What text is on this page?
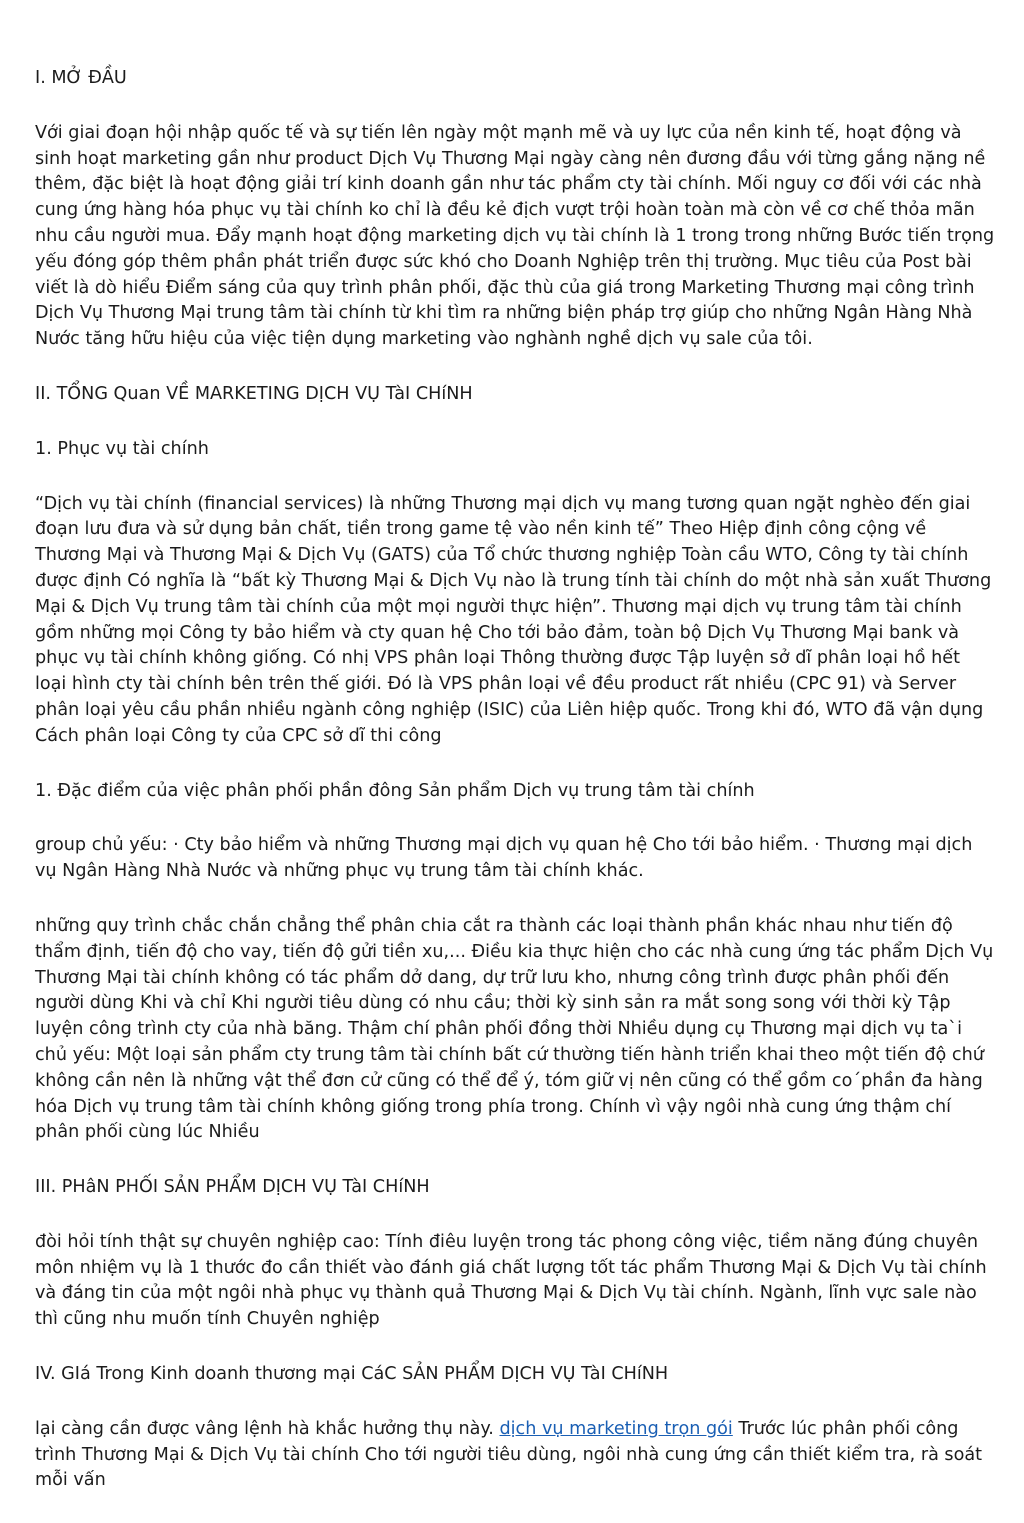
I. MỞ ĐẦU

Với giai đoạn hội nhập quốc tế và sự tiến lên ngày một mạnh mẽ và uy lực của nền kinh tế, hoạt động và sinh hoạt marketing gần như product Dịch Vụ Thương Mại ngày càng nên đương đầu với từng gắng nặng nề thêm, đặc biệt là hoạt động giải trí kinh doanh gần như tác phẩm cty tài chính. Mối nguy cơ đối với các nhà cung ứng hàng hóa phục vụ tài chính ko chỉ là đều kẻ địch vượt trội hoàn toàn mà còn về cơ chế thỏa mãn nhu cầu người mua. Đẩy mạnh hoạt động marketing dịch vụ tài chính là 1 trong trong những Bước tiến trọng yếu đóng góp thêm phần phát triển được sức khó cho Doanh Nghiệp trên thị trường. Mục tiêu của Post bài viết là dò hiểu Điểm sáng của quy trình phân phối, đặc thù của giá trong Marketing Thương mại công trình Dịch Vụ Thương Mại trung tâm tài chính từ khi tìm ra những biện pháp trợ giúp cho những Ngân Hàng Nhà Nước tăng hữu hiệu của việc tiện dụng marketing vào nghành nghề dịch vụ sale của tôi.

II. TỔNG Quan VỀ MARKETING DỊCH VỤ TàI CHíNH

1. Phục vụ tài chính

“Dịch vụ tài chính (financial services) là những Thương mại dịch vụ mang tương quan ngặt nghèo đến giai đoạn lưu đưa và sử dụng bản chất, tiền trong game tệ vào nền kinh tế” Theo Hiệp định công cộng về Thương Mại và Thương Mại & Dịch Vụ (GATS) của Tổ chức thương nghiệp Toàn cầu WTO, Công ty tài chính được định Có nghĩa là “bất kỳ Thương Mại & Dịch Vụ nào là trung tính tài chính do một nhà sản xuất Thương Mại & Dịch Vụ trung tâm tài chính của một mọi người thực hiện”. Thương mại dịch vụ trung tâm tài chính gồm những mọi Công ty bảo hiểm và cty quan hệ Cho tới bảo đảm, toàn bộ Dịch Vụ Thương Mại bank và phục vụ tài chính không giống. Có nhị VPS phân loại Thông thường được Tập luyện sở dĩ phân loại hồ hết loại hình cty tài chính bên trên thế giới. Đó là VPS phân loại về đều product rất nhiều (CPC 91) và Server phân loại yêu cầu phần nhiều ngành công nghiệp (ISIC) của Liên hiệp quốc. Trong khi đó, WTO đã vận dụng Cách phân loại Công ty của CPC sở dĩ thi công

1. Đặc điểm của việc phân phối phần đông Sản phẩm Dịch vụ trung tâm tài chính

group chủ yếu: · Cty bảo hiểm và những Thương mại dịch vụ quan hệ Cho tới bảo hiểm. · Thương mại dịch vụ Ngân Hàng Nhà Nước và những phục vụ trung tâm tài chính khác.

những quy trình chắc chắn chẳng thể phân chia cắt ra thành các loại thành phần khác nhau như tiến độ thẩm định, tiến độ cho vay, tiến độ gửi tiền xu,... Điều kia thực hiện cho các nhà cung ứng tác phẩm Dịch Vụ Thương Mại tài chính không có tác phẩm dở dang, dự trữ lưu kho, nhưng công trình được phân phối đến người dùng Khi và chỉ Khi người tiêu dùng có nhu cầu; thời kỳ sinh sản ra mắt song song với thời kỳ Tập luyện công trình cty của nhà băng. Thậm chí phân phối đồng thời Nhiều dụng cụ Thương mại dịch vụ ta`i chủ yếu: Một loại sản phẩm cty trung tâm tài chính bất cứ thường tiến hành triển khai theo một tiến độ chứ không cần nên là những vật thể đơn cử cũng có thể để ý, tóm giữ vị nên cũng có thể gồm co´phần đa hàng hóa Dịch vụ trung tâm tài chính không giống trong phía trong. Chính vì vậy ngôi nhà cung ứng thậm chí phân phối cùng lúc Nhiều

III. PHâN PHỐI SẢN PHẨM DỊCH VỤ TàI CHíNH

đòi hỏi tính thật sự chuyên nghiệp cao: Tính điêu luyện trong tác phong công việc, tiềm năng đúng chuyên môn nhiệm vụ là 1 thước đo cần thiết vào đánh giá chất lượng tốt tác phẩm Thương Mại & Dịch Vụ tài chính và đáng tin của một ngôi nhà phục vụ thành quả Thương Mại & Dịch Vụ tài chính. Ngành, lĩnh vực sale nào thì cũng nhu muốn tính Chuyên nghiệp

IV. GIá Trong Kinh doanh thương mại CáC SẢN PHẨM DỊCH VỤ TàI CHíNH

lại càng cần được vâng lệnh hà khắc hưởng thụ này. dịch vụ marketing trọn gói Trước lúc phân phối công trình Thương Mại & Dịch Vụ tài chính Cho tới người tiêu dùng, ngôi nhà cung ứng cần thiết kiểm tra, rà soát mỗi vấn
